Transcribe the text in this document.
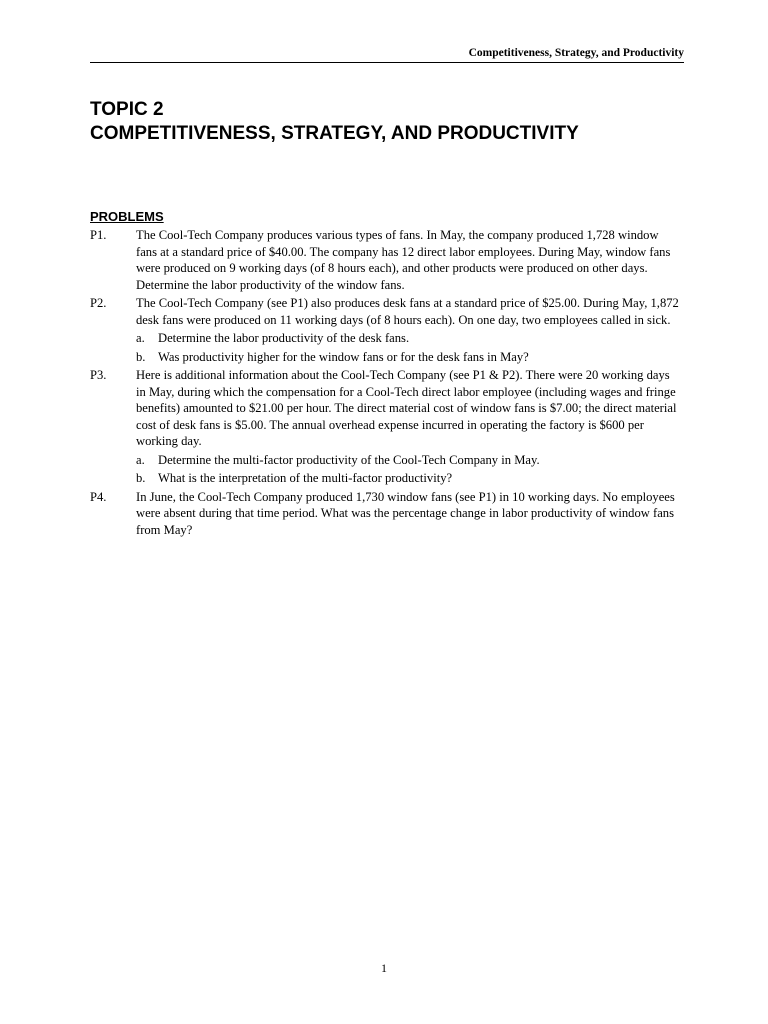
Competitiveness, Strategy, and Productivity
TOPIC 2
COMPETITIVENESS, STRATEGY, AND PRODUCTIVITY
PROBLEMS
P1. The Cool-Tech Company produces various types of fans. In May, the company produced 1,728 window fans at a standard price of $40.00. The company has 12 direct labor employees. During May, window fans were produced on 9 working days (of 8 hours each), and other products were produced on other days. Determine the labor productivity of the window fans.

P2. The Cool-Tech Company (see P1) also produces desk fans at a standard price of $25.00. During May, 1,872 desk fans were produced on 11 working days (of 8 hours each). On one day, two employees called in sick.

a. Determine the labor productivity of the desk fans.
b. Was productivity higher for the window fans or for the desk fans in May?
P3. Here is additional information about the Cool-Tech Company (see P1 & P2). There were 20 working days in May, during which the compensation for a Cool-Tech direct labor employee (including wages and fringe benefits) amounted to $21.00 per hour. The direct material cost of window fans is $7.00; the direct material cost of desk fans is $5.00. The annual overhead expense incurred in operating the factory is $600 per working day.

a. Determine the multi-factor productivity of the Cool-Tech Company in May.
b. What is the interpretation of the multi-factor productivity?
P4. In June, the Cool-Tech Company produced 1,730 window fans (see P1) in 10 working days. No employees were absent during that time period. What was the percentage change in labor productivity of window fans from May?

1
